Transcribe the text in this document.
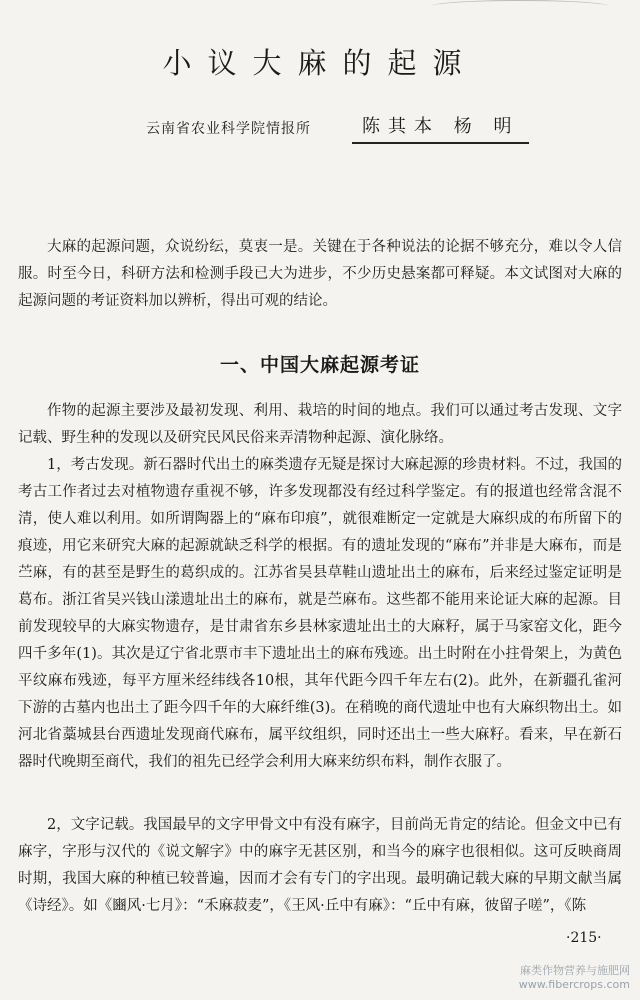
小议大麻的起源
云南省农业科学院情报所	陈其本 杨 明

大麻的起源问题，众说纷纭，莫衷一是。关键在于各种说法的论据不够充分，难以令人信服。时至今日，科研方法和检测手段已大为进步，不少历史悬案都可释疑。本文试图对大麻的起源问题的考证资料加以辨析，得出可观的结论。

一、中国大麻起源考证

作物的起源主要涉及最初发现、利用、栽培的时间的地点。我们可以通过考古发现、文字记载、野生种的发现以及研究民风民俗来弄清物种起源、演化脉络。

1，考古发现。新石器时代出土的麻类遗存无疑是探讨大麻起源的珍贵材料。不过，我国的考古工作者过去对植物遗存重视不够，许多发现都没有经过科学鉴定。有的报道也经常含混不清，使人难以利用。如所谓陶器上的“麻布印痕”，就很难断定一定就是大麻织成的布所留下的痕迹，用它来研究大麻的起源就缺乏科学的根据。有的遗址发现的“麻布”并非是大麻布，而是苎麻，有的甚至是野生的葛织成的。江苏省吴县草鞋山遗址出土的麻布，后来经过鉴定证明是葛布。浙江省吴兴钱山漾遗址出土的麻布，就是苎麻布。这些都不能用来论证大麻的起源。目前发现较早的大麻实物遗存，是甘肃省东乡县林家遗址出土的大麻籽，属于马家窑文化，距今四千多年(1)。其次是辽宁省北票市丰下遗址出土的麻布残迹。出土时附在小拄骨架上，为黄色平纹麻布残迹，每平方厘米经纬线各10根，其年代距今四千年左右(2)。此外，在新疆孔雀河下游的古墓内也出土了距今四千年的大麻纤维(3)。在稍晚的商代遗址中也有大麻织物出土。如河北省藁城县台西遗址发现商代麻布，属平纹组织，同时还出土一些大麻籽。看来，早在新石器时代晚期至商代，我们的祖先已经学会利用大麻来纺织布料，制作衣服了。

2，文字记载。我国最早的文字甲骨文中有没有麻字，目前尚无肯定的结论。但金文中已有麻字，字形与汉代的《说文解字》中的麻字无甚区别，和当今的麻字也很相似。这可反映商周时期，我国大麻的种植已较普遍，因而才会有专门的字出现。最明确记载大麻的早期文献当属《诗经》。如《豳风·七月》：“禾麻菽麦”，《王风·丘中有麻》：“丘中有麻，彼留子嗟”，《陈

·215·
麻类作物营养与施肥网
www.fibercrops.com
